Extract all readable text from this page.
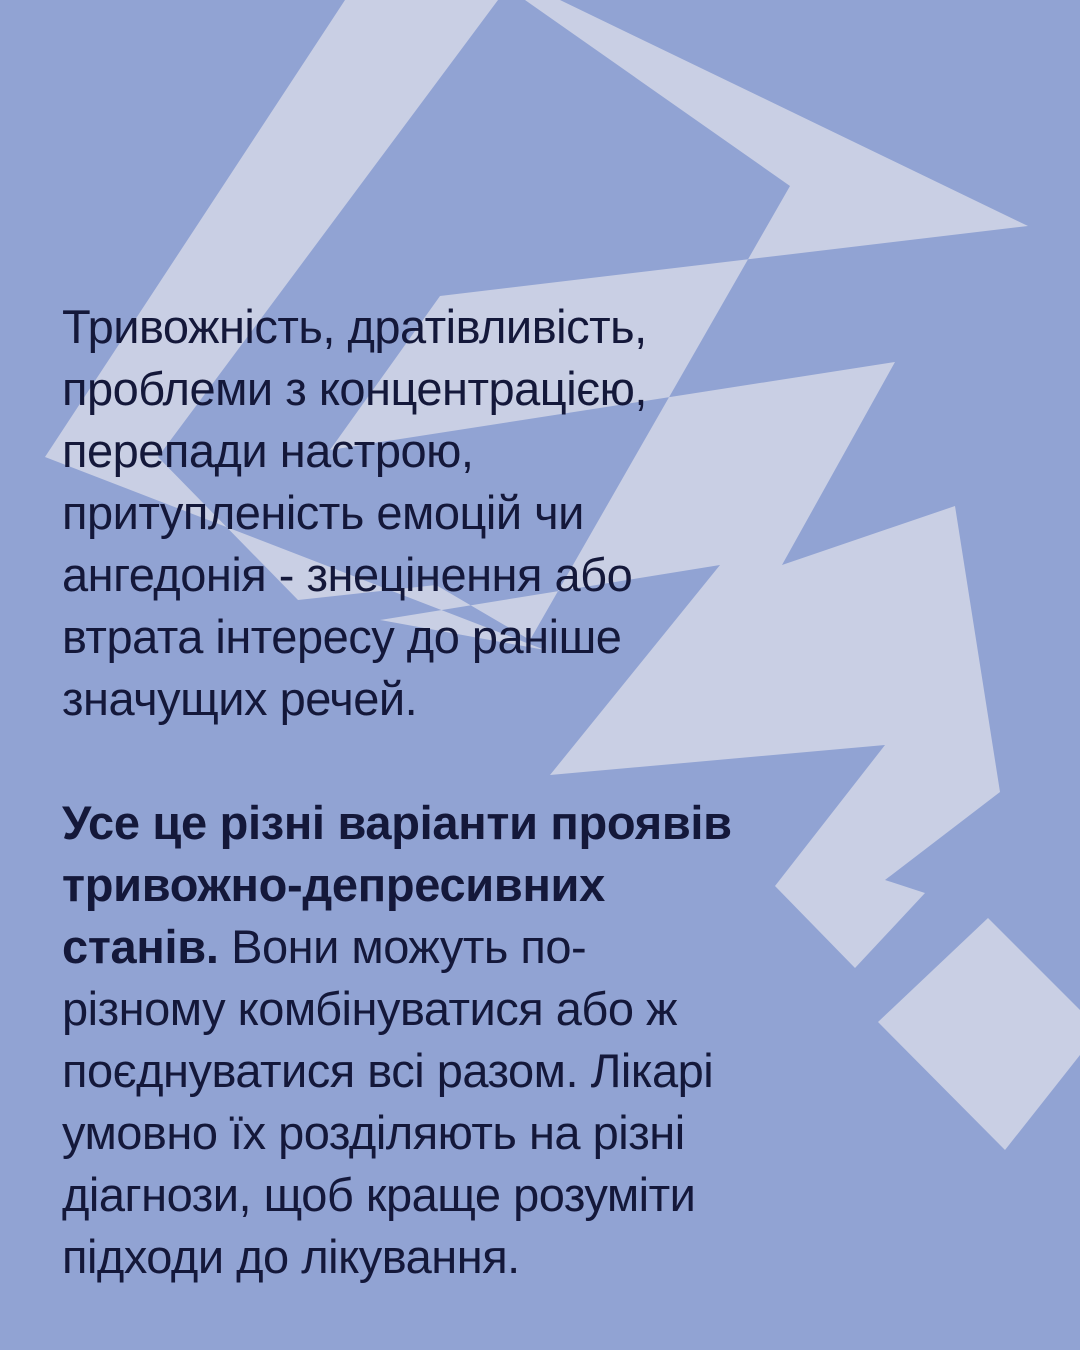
Тривожність, дратівливість,
проблеми з концентрацією,
перепади настрою,
притупленість емоцій чи
ангедонія - знецінення або
втрата інтересу до раніше
значущих речей.

Усе це різні варіанти проявів
тривожно-депресивних
станів. Вони можуть по-
різному комбінуватися або ж
поєднуватися всі разом. Лікарі
умовно їх розділяють на різні
діагнози, щоб краще розуміти
підходи до лікування.
